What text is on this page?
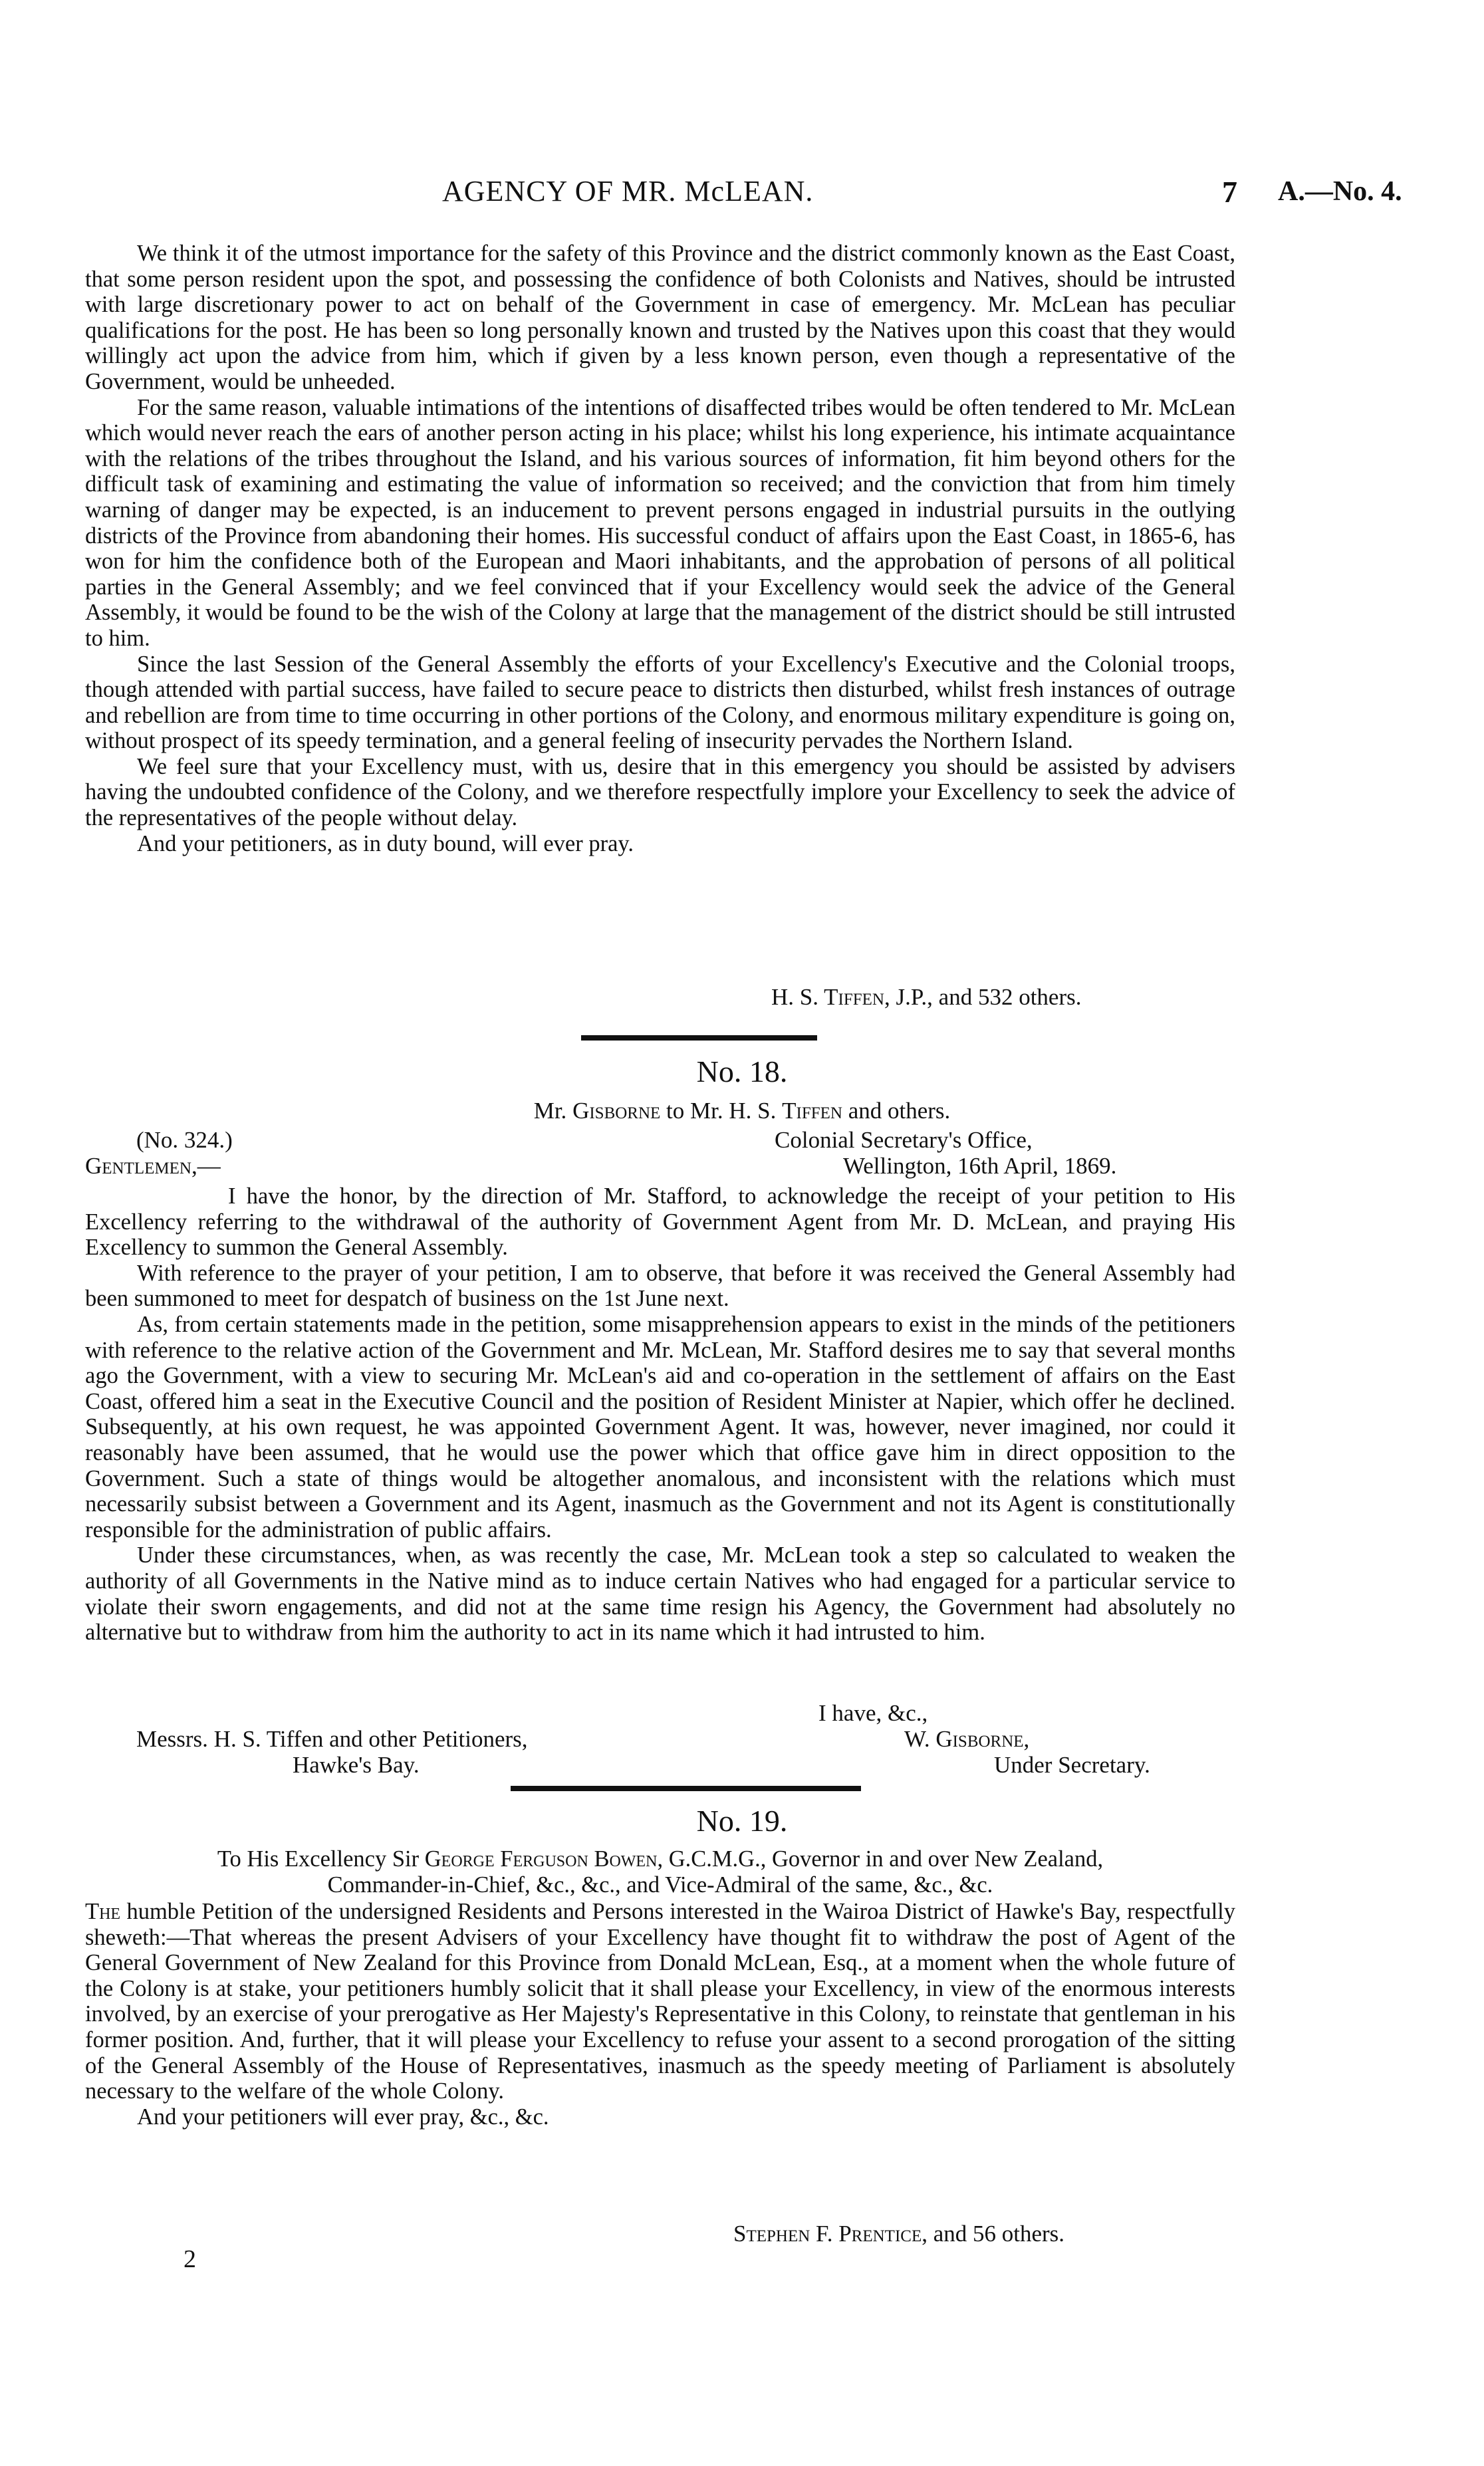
AGENCY OF MR. McLEAN.	7 A.—No. 4.

We think it of the utmost importance for the safety of this Province and the district commonly known as the East Coast, that some person resident upon the spot, and possessing the confidence of both Colonists and Natives, should be intrusted with large discretionary power to act on behalf of the Government in case of emergency. Mr. McLean has peculiar qualifications for the post. He has been so long personally known and trusted by the Natives upon this coast that they would willingly act upon the advice from him, which if given by a less known person, even though a representative of the Government, would be unheeded.

For the same reason, valuable intimations of the intentions of disaffected tribes would be often tendered to Mr. McLean which would never reach the ears of another person acting in his place; whilst his long experience, his intimate acquaintance with the relations of the tribes throughout the Island, and his various sources of information, fit him beyond others for the difficult task of examining and estimating the value of information so received; and the conviction that from him timely warning of danger may be expected, is an inducement to prevent persons engaged in industrial pursuits in the outlying districts of the Province from abandoning their homes. His successful conduct of affairs upon the East Coast, in 1865-6, has won for him the confidence both of the European and Maori inhabitants, and the approbation of persons of all political parties in the General Assembly; and we feel convinced that if your Excellency would seek the advice of the General Assembly, it would be found to be the wish of the Colony at large that the management of the district should be still intrusted to him.

Since the last Session of the General Assembly the efforts of your Excellency's Executive and the Colonial troops, though attended with partial success, have failed to secure peace to districts then disturbed, whilst fresh instances of outrage and rebellion are from time to time occurring in other portions of the Colony, and enormous military expenditure is going on, without prospect of its speedy termination, and a general feeling of insecurity pervades the Northern Island.

We feel sure that your Excellency must, with us, desire that in this emergency you should be assisted by advisers having the undoubted confidence of the Colony, and we therefore respectfully implore your Excellency to seek the advice of the representatives of the people without delay.

And your petitioners, as in duty bound, will ever pray.

H. S. Tiffen, J.P., and 532 others.
No. 18.
Mr. Gisborne to Mr. H. S. Tiffen and others.
(No. 324.)	Colonial Secretary's Office,
Gentlemen,—	Wellington, 16th April, 1869.

I have the honor, by the direction of Mr. Stafford, to acknowledge the receipt of your petition to His Excellency referring to the withdrawal of the authority of Government Agent from Mr. D. McLean, and praying His Excellency to summon the General Assembly.

With reference to the prayer of your petition, I am to observe, that before it was received the General Assembly had been summoned to meet for despatch of business on the 1st June next.

As, from certain statements made in the petition, some misapprehension appears to exist in the minds of the petitioners with reference to the relative action of the Government and Mr. McLean, Mr. Stafford desires me to say that several months ago the Government, with a view to securing Mr. McLean's aid and co-operation in the settlement of affairs on the East Coast, offered him a seat in the Executive Council and the position of Resident Minister at Napier, which offer he declined. Subsequently, at his own request, he was appointed Government Agent. It was, however, never imagined, nor could it reasonably have been assumed, that he would use the power which that office gave him in direct opposition to the Government. Such a state of things would be altogether anomalous, and inconsistent with the relations which must necessarily subsist between a Government and its Agent, inasmuch as the Government and not its Agent is constitutionally responsible for the administration of public affairs.

Under these circumstances, when, as was recently the case, Mr. McLean took a step so calculated to weaken the authority of all Governments in the Native mind as to induce certain Natives who had engaged for a particular service to violate their sworn engagements, and did not at the same time resign his Agency, the Government had absolutely no alternative but to withdraw from him the authority to act in its name which it had intrusted to him.

I have, &c.,
Messrs. H. S. Tiffen and other Petitioners,
Hawke's Bay.
W. Gisborne,
Under Secretary.
No. 19.
To His Excellency Sir George Ferguson Bowen, G.C.M.G., Governor in and over New Zealand,
Commander-in-Chief, &c., &c., and Vice-Admiral of the same, &c., &c.

The humble Petition of the undersigned Residents and Persons interested in the Wairoa District of Hawke's Bay, respectfully sheweth:—That whereas the present Advisers of your Excellency have thought fit to withdraw the post of Agent of the General Government of New Zealand for this Province from Donald McLean, Esq., at a moment when the whole future of the Colony is at stake, your petitioners humbly solicit that it shall please your Excellency, in view of the enormous interests involved, by an exercise of your prerogative as Her Majesty's Representative in this Colony, to reinstate that gentleman in his former position. And, further, that it will please your Excellency to refuse your assent to a second prorogation of the sitting of the General Assembly of the House of Representatives, inasmuch as the speedy meeting of Parliament is absolutely necessary to the welfare of the whole Colony.

And your petitioners will ever pray, &c., &c.

Stephen F. Prentice, and 56 others.
2
